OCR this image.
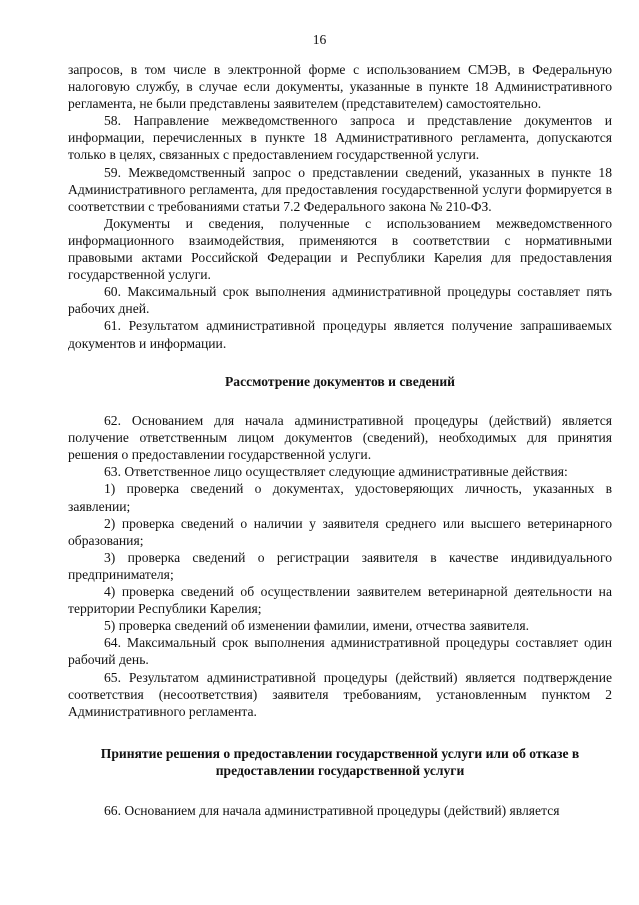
16

запросов, в том числе в электронной форме с использованием СМЭВ, в Федеральную налоговую службу, в случае если документы, указанные в пункте 18 Административного регламента, не были представлены заявителем (представителем) самостоятельно.

58. Направление межведомственного запроса и представление документов и информации, перечисленных в пункте 18 Административного регламента, допускаются только в целях, связанных с предоставлением государственной услуги.

59. Межведомственный запрос о представлении сведений, указанных в пункте 18 Административного регламента, для предоставления государственной услуги формируется в соответствии с требованиями статьи 7.2 Федерального закона № 210-ФЗ.

Документы и сведения, полученные с использованием межведомственного информационного взаимодействия, применяются в соответствии с нормативными правовыми актами Российской Федерации и Республики Карелия для предоставления государственной услуги.

60. Максимальный срок выполнения административной процедуры составляет пять рабочих дней.

61. Результатом административной процедуры является получение запрашиваемых документов и информации.

Рассмотрение документов и сведений

62. Основанием для начала административной процедуры (действий) является получение ответственным лицом документов (сведений), необходимых для принятия решения о предоставлении государственной услуги.

63. Ответственное лицо осуществляет следующие административные действия:

1) проверка сведений о документах, удостоверяющих личность, указанных в заявлении;

2) проверка сведений о наличии у заявителя среднего или высшего ветеринарного образования;

3) проверка сведений о регистрации заявителя в качестве индивидуального предпринимателя;

4) проверка сведений об осуществлении заявителем ветеринарной деятельности на территории Республики Карелия;

5) проверка сведений об изменении фамилии, имени, отчества заявителя.

64. Максимальный срок выполнения административной процедуры составляет один рабочий день.

65. Результатом административной процедуры (действий) является подтверждение соответствия (несоответствия) заявителя требованиям, установленным пунктом 2 Административного регламента.

Принятие решения о предоставлении государственной услуги или об отказе в предоставлении государственной услуги

66. Основанием для начала административной процедуры (действий) является
